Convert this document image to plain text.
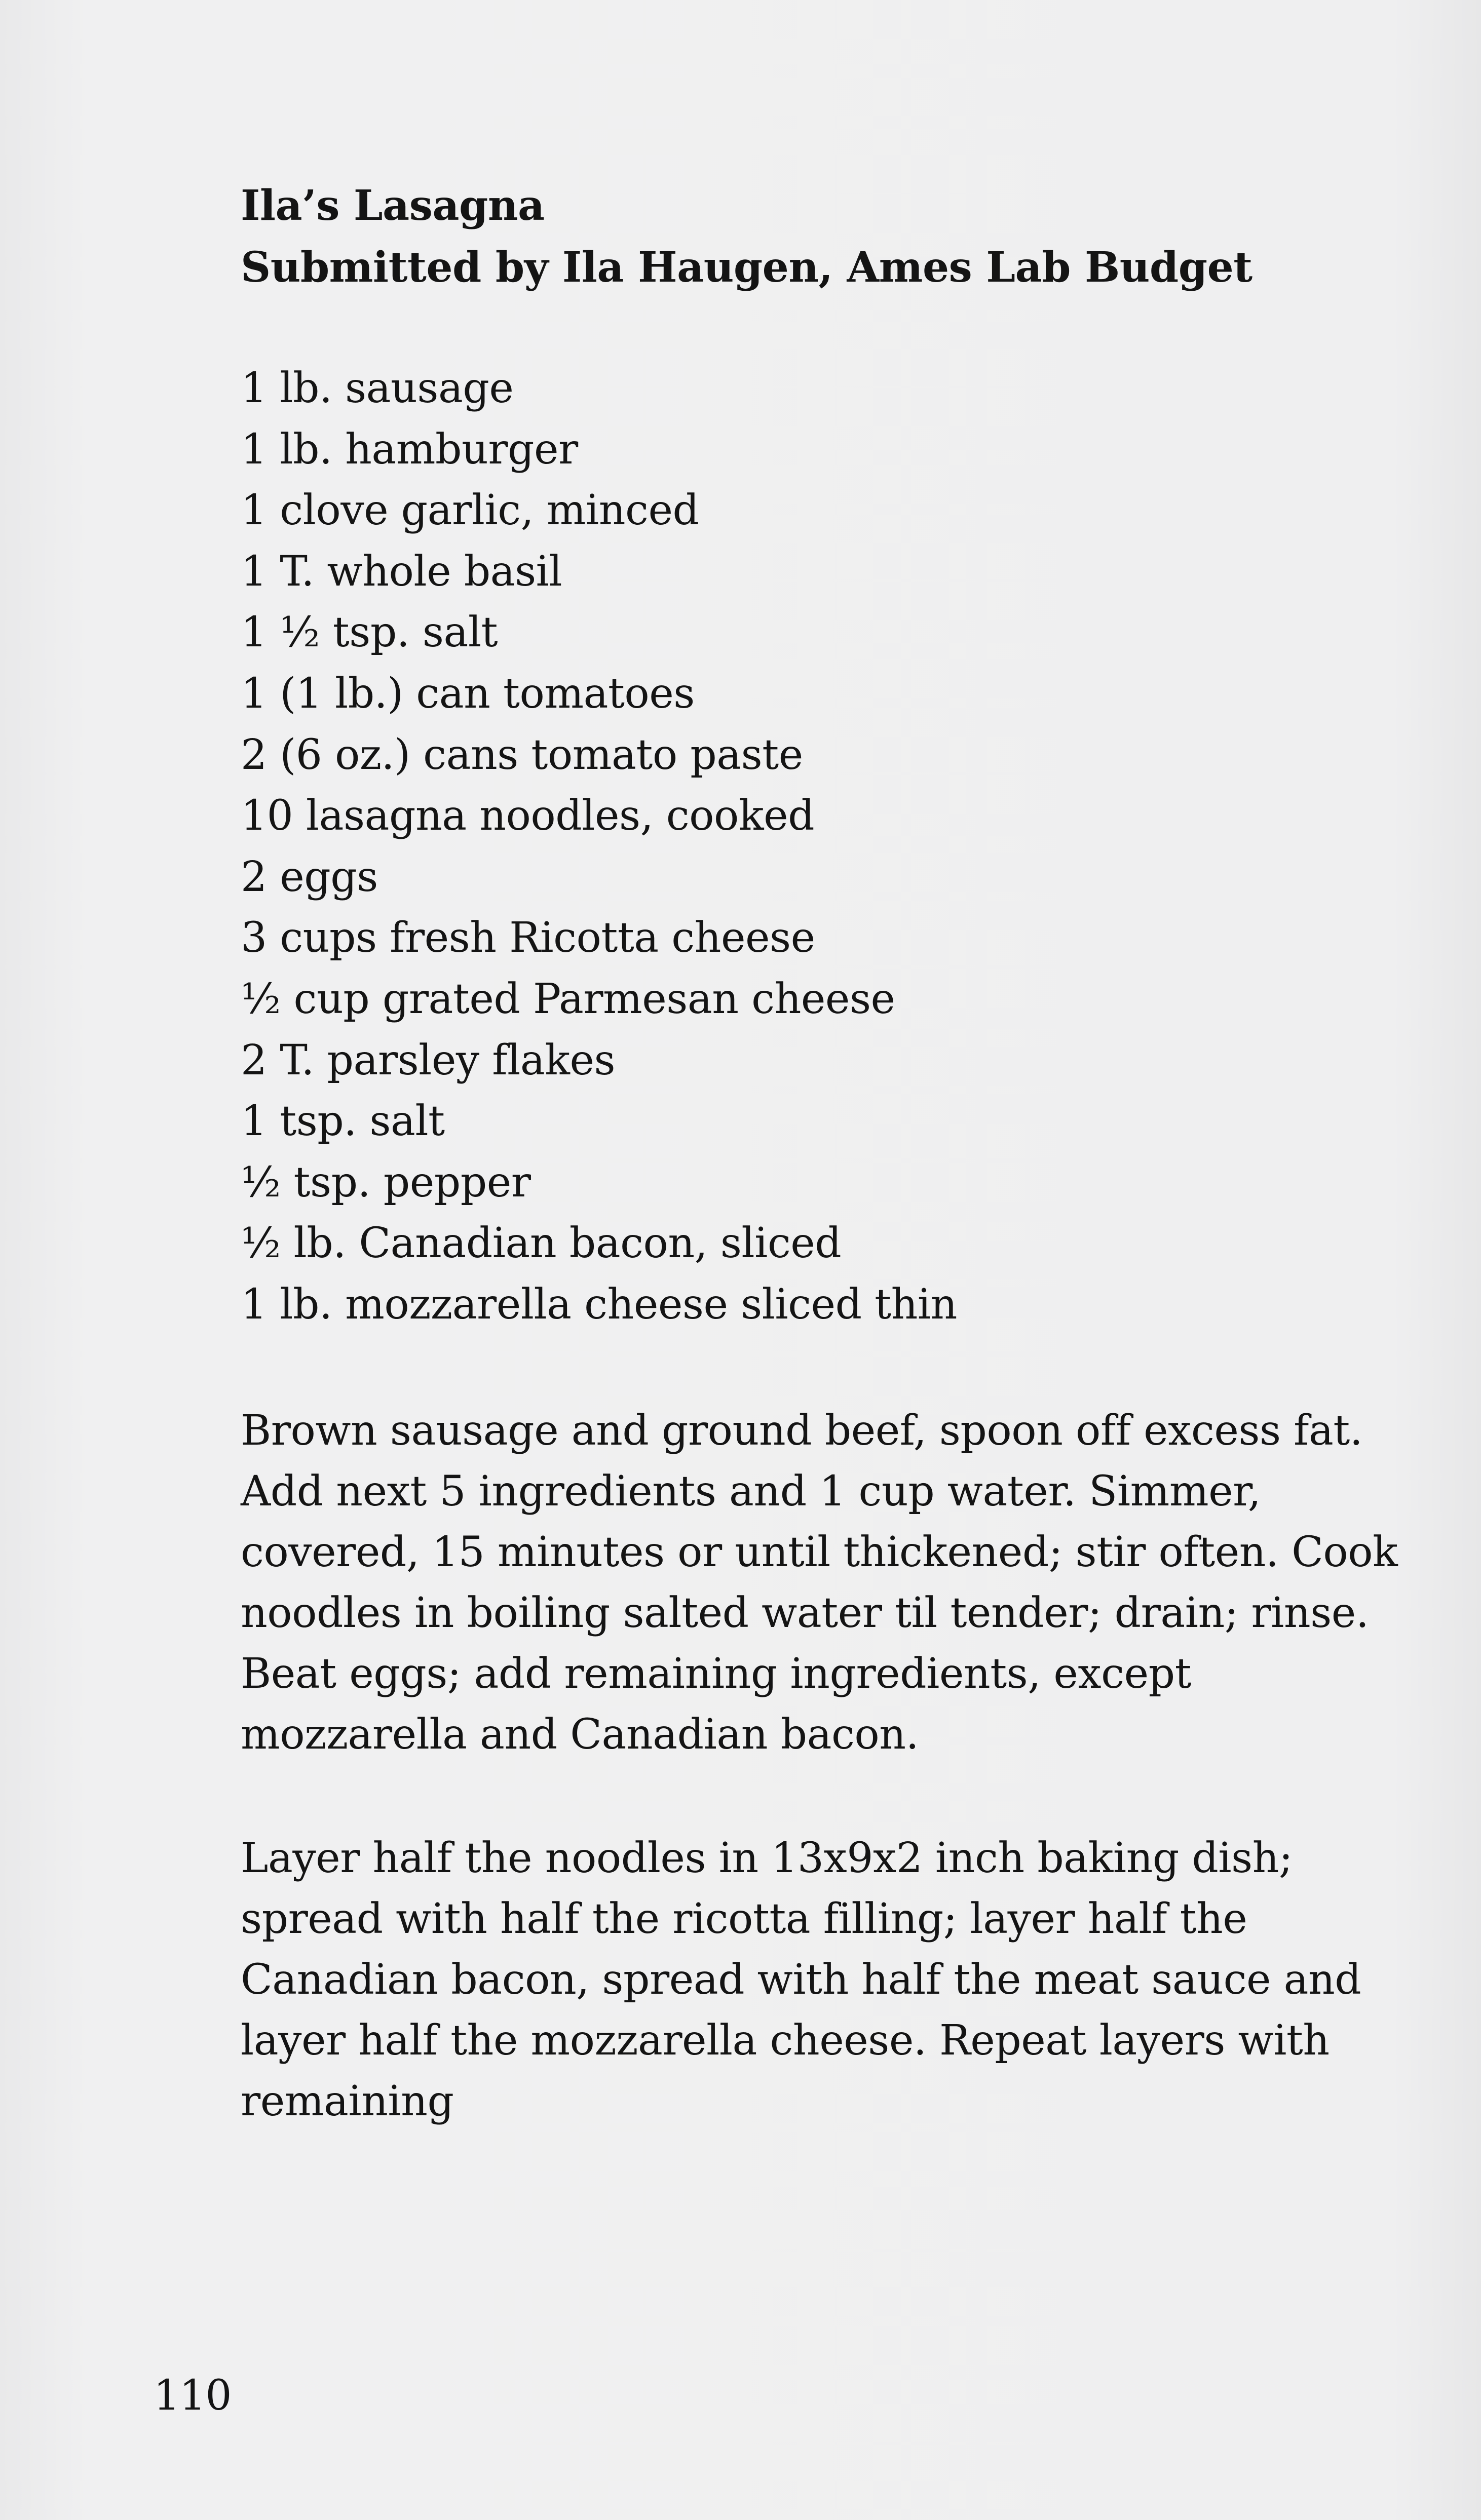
Ila’s Lasagna
Submitted by Ila Haugen, Ames Lab Budget
1 lb. sausage
1 lb. hamburger
1 clove garlic, minced
1 T. whole basil
1 ½ tsp. salt
1 (1 lb.) can tomatoes
2 (6 oz.) cans tomato paste
10 lasagna noodles, cooked
2 eggs
3 cups fresh Ricotta cheese
½ cup grated Parmesan cheese
2 T. parsley flakes
1 tsp. salt
½ tsp. pepper
½ lb. Canadian bacon, sliced
1 lb. mozzarella cheese sliced thin

Brown sausage and ground beef, spoon off excess fat. Add next 5 ingredients and 1 cup water. Simmer, covered, 15 minutes or until thickened; stir often. Cook noodles in boiling salted water til tender; drain; rinse. Beat eggs; add remaining ingredients, except mozzarella and Canadian bacon.

Layer half the noodles in 13x9x2 inch baking dish; spread with half the ricotta filling; layer half the Canadian bacon, spread with half the meat sauce and layer half the mozzarella cheese. Repeat layers with remaining

110
